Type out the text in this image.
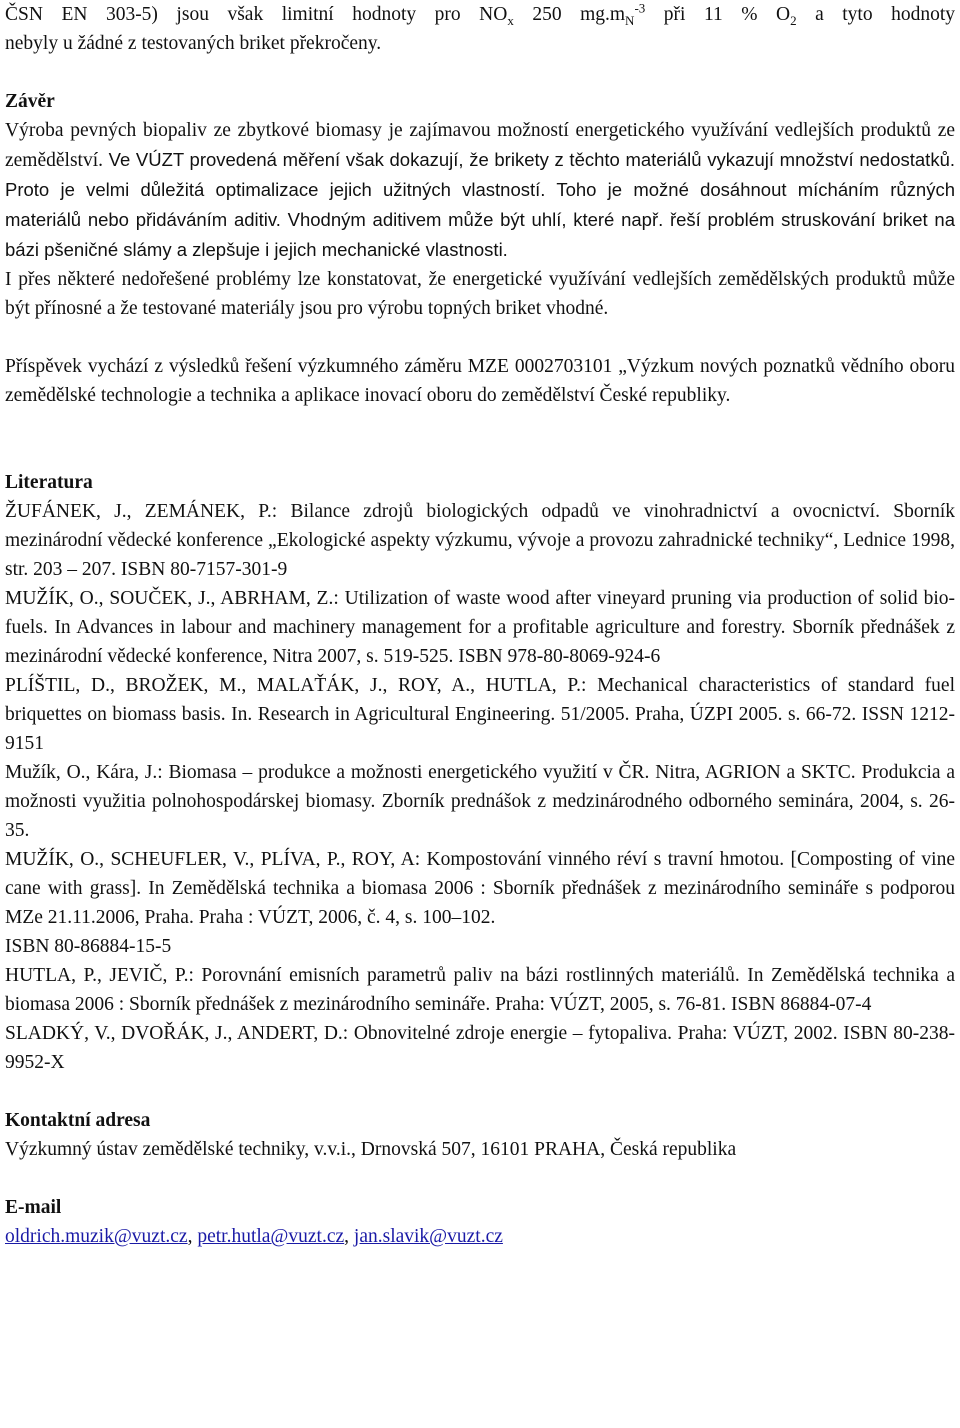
ČSN EN 303-5) jsou však limitní hodnoty pro $NO_x$ 250 $mg.m_N^{-3}$ při 11 % $O_2$ a tyto hodnoty

nebyly u žádné z testovaných briket překročeny.

Závěr

Výroba pevných biopaliv ze zbytkové biomasy je zajímavou možností energetického využívání vedlejších produktů ze zemědělství. Ve VÚZT provedená měření však dokazují, že brikety z těchto materiálů vykazují množství nedostatků. Proto je velmi důležitá optimalizace jejich užitných vlastností. Toho je možné dosáhnout mícháním různých materiálů nebo přidáváním aditiv. Vhodným aditivem může být uhlí, které např. řeší problém struskování briket na bázi pšeničné slámy a zlepšuje i jejich mechanické vlastnosti.

I přes některé nedořešené problémy lze konstatovat, že energetické využívání vedlejších zemědělských produktů může být přínosné a že testované materiály jsou pro výrobu topných briket vhodné.

Příspěvek vychází z výsledků řešení výzkumného záměru MZE 0002703101 „Výzkum nových poznatků vědního oboru zemědělské technologie a technika a aplikace inovací oboru do zemědělství České republiky.

Literatura

ŽUFÁNEK, J., ZEMÁNEK, P.: Bilance zdrojů biologických odpadů ve vinohradnictví a ovocnictví. Sborník mezinárodní vědecké konference „Ekologické aspekty výzkumu, vývoje a provozu zahradnické techniky“, Lednice 1998, str. 203 – 207. ISBN 80-7157-301-9

MUŽÍK, O., SOUČEK, J., ABRHAM, Z.: Utilization of waste wood after vineyard pruning via production of solid bio-fuels. In Advances in labour and machinery management for a profitable agriculture and forestry. Sborník přednášek z mezinárodní vědecké konference, Nitra 2007, s. 519-525. ISBN 978-80-8069-924-6

PLÍŠTIL, D., BROŽEK, M., MALAŤÁK, J., ROY, A., HUTLA, P.: Mechanical characteristics of standard fuel briquettes on biomass basis. In. Research in Agricultural Engineering. 51/2005. Praha, ÚZPI 2005. s. 66-72. ISSN 1212-9151

Mužík, O., Kára, J.: Biomasa – produkce a možnosti energetického využití v ČR. Nitra, AGRION a SKTC. Produkcia a možnosti využitia polnohospodárskej biomasy. Zborník prednášok z medzinárodného odborného seminára, 2004, s. 26-35.

MUŽÍK, O., SCHEUFLER, V., PLÍVA, P., ROY, A: Kompostování vinného réví s travní hmotou. [Composting of vine cane with grass]. In Zemědělská technika a biomasa 2006 : Sborník přednášek z mezinárodního semináře s podporou MZe 21.11.2006, Praha. Praha : VÚZT, 2006, č. 4, s. 100–102.

ISBN 80-86884-15-5

HUTLA, P., JEVIČ, P.: Porovnání emisních parametrů paliv na bázi rostlinných materiálů. In Zemědělská technika a biomasa 2006 : Sborník přednášek z mezinárodního semináře. Praha: VÚZT, 2005, s. 76-81. ISBN 86884-07-4

SLADKÝ, V., DVOŘÁK, J., ANDERT, D.: Obnovitelné zdroje energie – fytopaliva. Praha: VÚZT, 2002. ISBN 80-238-9952-X

Kontaktní adresa

Výzkumný ústav zemědělské techniky, v.v.i., Drnovská 507, 16101 PRAHA, Česká republika

E-mail

oldrich.muzik@vuzt.cz, petr.hutla@vuzt.cz, jan.slavik@vuzt.cz
